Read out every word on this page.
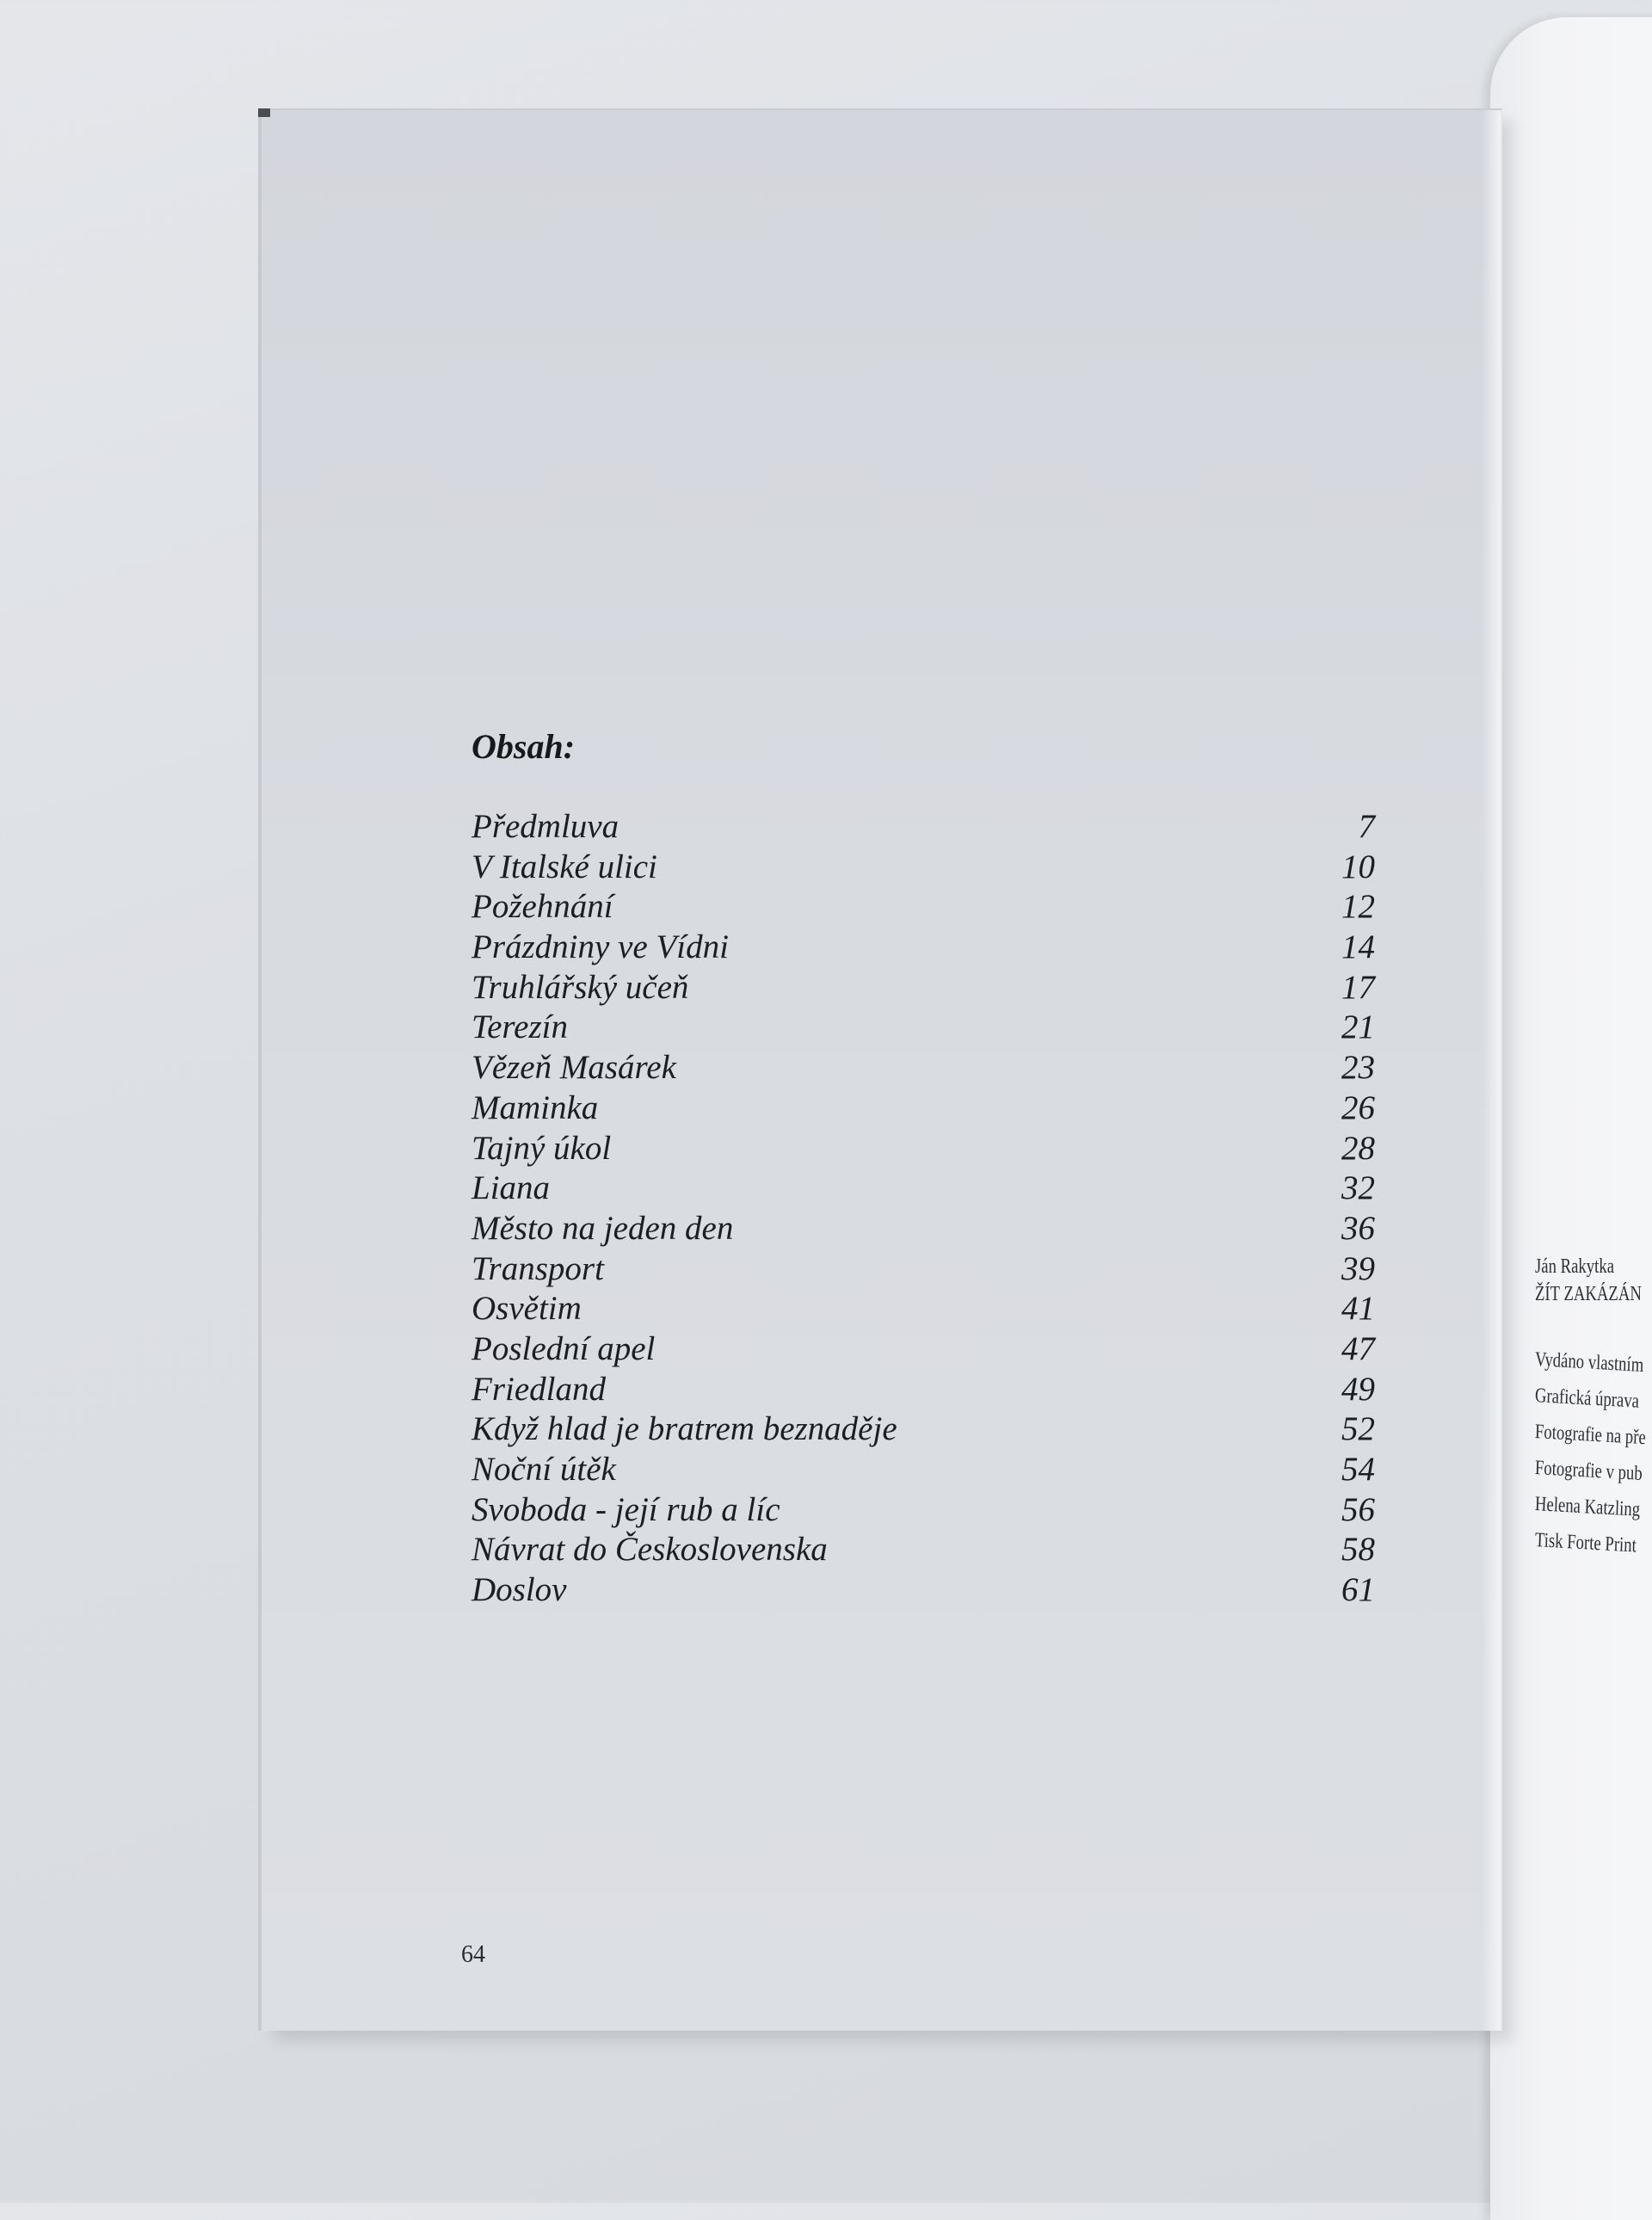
Ján Rakytka
ŽÍT ZAKÁZÁN
Vydáno vlastním
Grafická úprava
Fotografie na pře
Fotografie v pub
Helena Katzling
Tisk Forte Print
Obsah:
Předmluva	7
V Italské ulici	10
Požehnání	12
Prázdniny ve Vídni	14
Truhlářský učeň	17
Terezín	21
Vězeň Masárek	23
Maminka	26
Tajný úkol	28
Liana	32
Město na jeden den	36
Transport	39
Osvětim	41
Poslední apel	47
Friedland	49
Když hlad je bratrem beznaděje	52
Noční útěk	54
Svoboda - její rub a líc	56
Návrat do Československa	58
Doslov	61
64
